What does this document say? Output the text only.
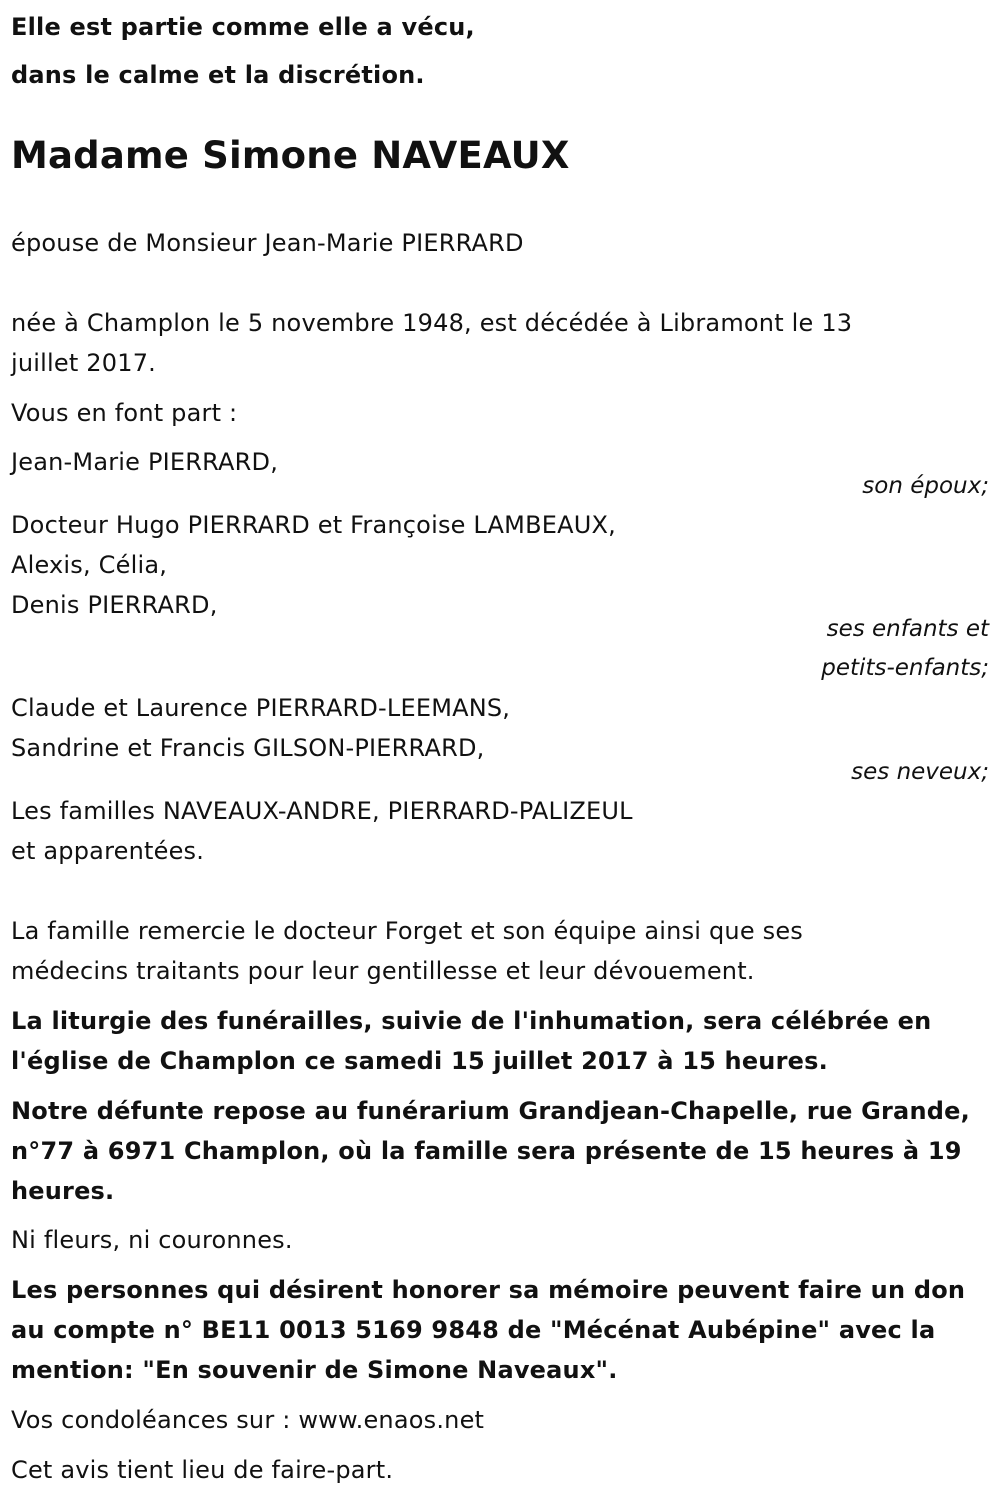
Elle est partie comme elle a vécu,
dans le calme et la discrétion.
Madame Simone NAVEAUX
épouse de Monsieur Jean-Marie PIERRARD
née à Champlon le 5 novembre 1948, est décédée à Libramont le 13
juillet 2017.
Vous en font part :
Jean-Marie PIERRARD,
son époux;
Docteur Hugo PIERRARD et Françoise LAMBEAUX,
Alexis, Célia,
Denis PIERRARD,
ses enfants et
petits-enfants;
Claude et Laurence PIERRARD-LEEMANS,
Sandrine et Francis GILSON-PIERRARD,
ses neveux;
Les familles NAVEAUX-ANDRE, PIERRARD-PALIZEUL
et apparentées.
La famille remercie le docteur Forget et son équipe ainsi que ses
médecins traitants pour leur gentillesse et leur dévouement.
La liturgie des funérailles, suivie de l'inhumation, sera célébrée en
l'église de Champlon ce samedi 15 juillet 2017 à 15 heures.
Notre défunte repose au funérarium Grandjean-Chapelle, rue Grande,
n°77 à 6971 Champlon, où la famille sera présente de 15 heures à 19
heures.
Ni fleurs, ni couronnes.
Les personnes qui désirent honorer sa mémoire peuvent faire un don
au compte n° BE11 0013 5169 9848 de "Mécénat Aubépine" avec la
mention: "En souvenir de Simone Naveaux".
Vos condoléances sur : www.enaos.net
Cet avis tient lieu de faire-part.
